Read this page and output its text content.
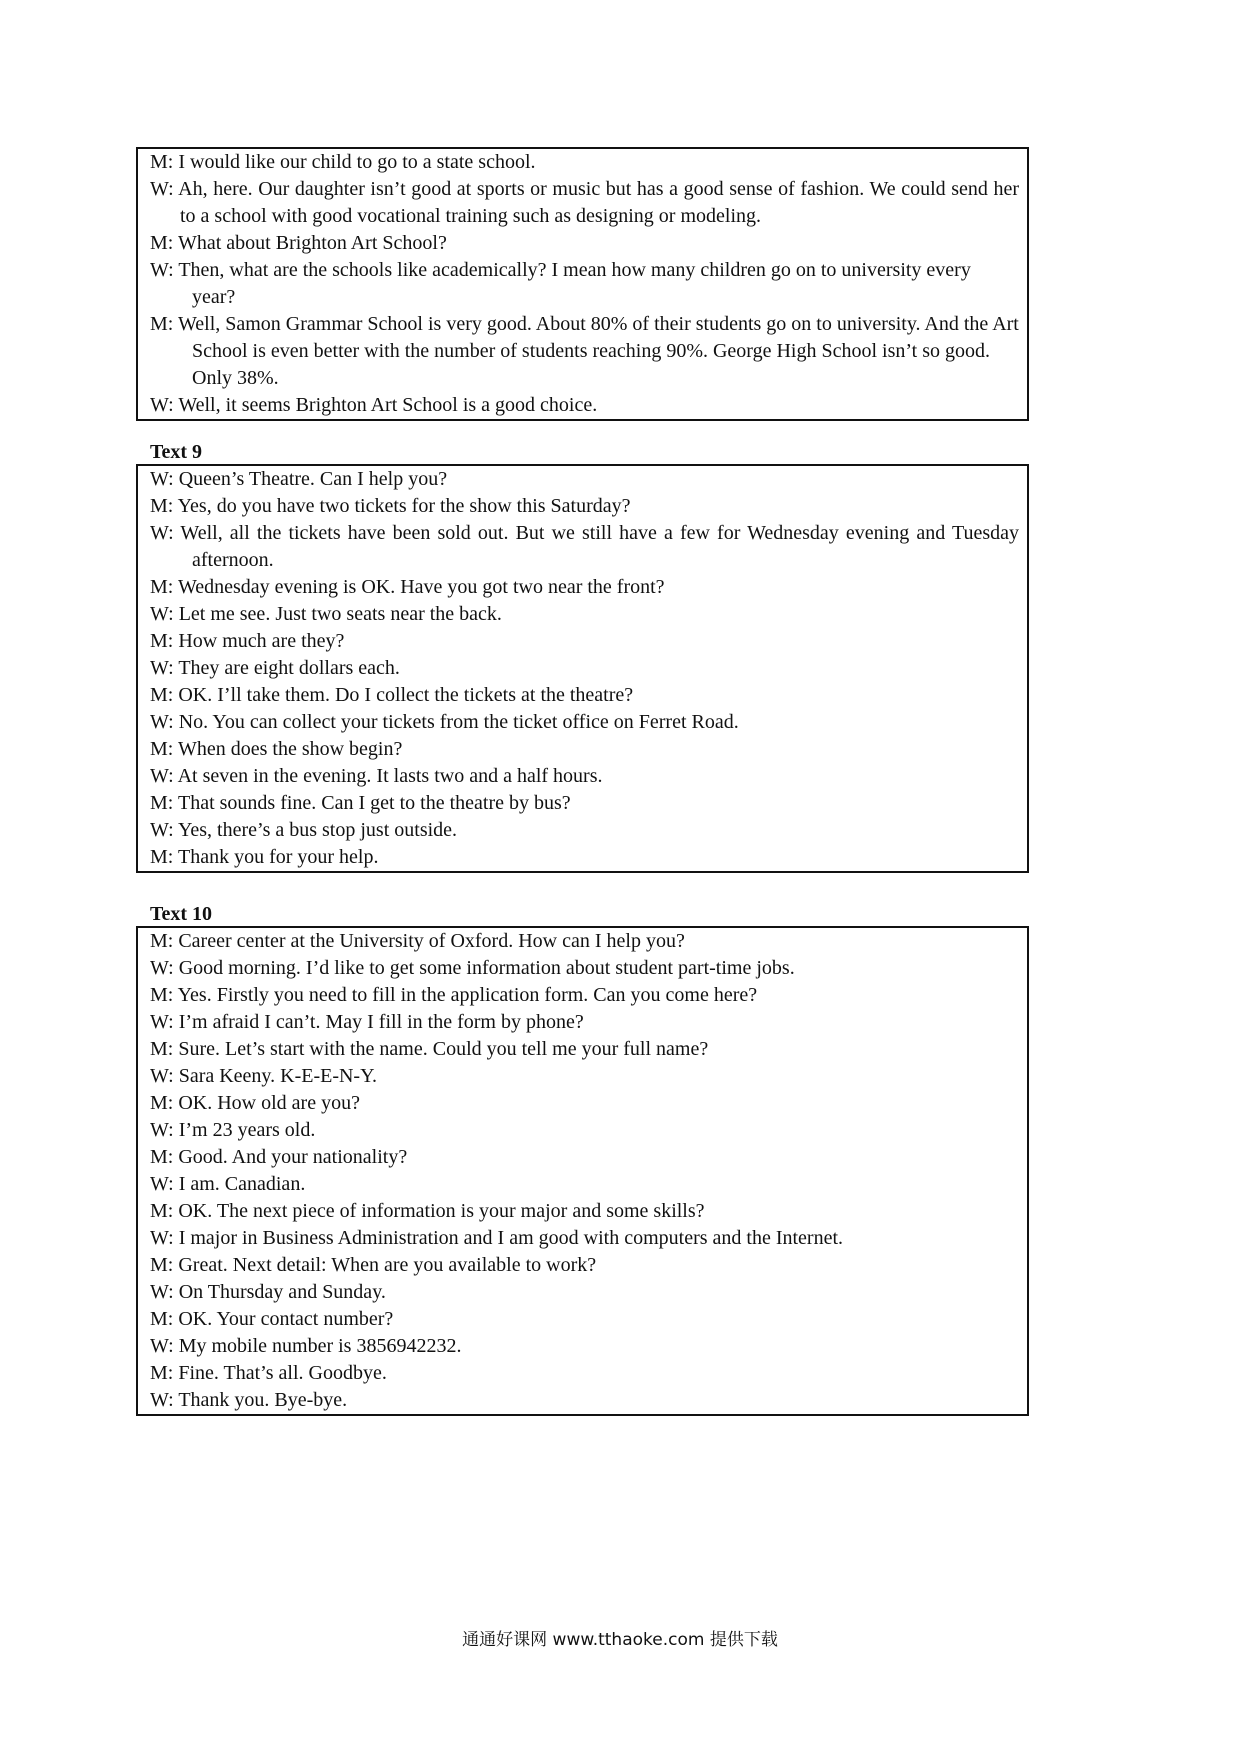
M: I would like our child to go to a state school.
W: Ah, here. Our daughter isn’t good at sports or music but has a good sense of fashion. We could send her to a school with good vocational training such as designing or modeling.
M: What about Brighton Art School?
W: Then, what are the schools like academically? I mean how many children go on to university every year?
M: Well, Samon Grammar School is very good. About 80% of their students go on to university. And the Art School is even better with the number of students reaching 90%. George High School isn’t so good. Only 38%.
W: Well, it seems Brighton Art School is a good choice.
Text 9
W: Queen’s Theatre. Can I help you?
M: Yes, do you have two tickets for the show this Saturday?
W: Well, all the tickets have been sold out. But we still have a few for Wednesday evening and Tuesday afternoon.
M: Wednesday evening is OK. Have you got two near the front?
W: Let me see. Just two seats near the back.
M: How much are they?
W: They are eight dollars each.
M: OK. I’ll take them. Do I collect the tickets at the theatre?
W: No. You can collect your tickets from the ticket office on Ferret Road.
M: When does the show begin?
W: At seven in the evening. It lasts two and a half hours.
M: That sounds fine. Can I get to the theatre by bus?
W: Yes, there’s a bus stop just outside.
M: Thank you for your help.
Text 10
M: Career center at the University of Oxford. How can I help you?
W: Good morning. I’d like to get some information about student part-time jobs.
M: Yes. Firstly you need to fill in the application form. Can you come here?
W: I’m afraid I can’t. May I fill in the form by phone?
M: Sure. Let’s start with the name. Could you tell me your full name?
W: Sara Keeny. K-E-E-N-Y.
M: OK. How old are you?
W: I’m 23 years old.
M: Good. And your nationality?
W: I am. Canadian.
M: OK. The next piece of information is your major and some skills?
W: I major in Business Administration and I am good with computers and the Internet.
M: Great. Next detail: When are you available to work?
W: On Thursday and Sunday.
M: OK. Your contact number?
W: My mobile number is 3856942232.
M: Fine. That’s all. Goodbye.
W: Thank you. Bye-bye.
通通好课网 www.tthaoke.com 提供下载
